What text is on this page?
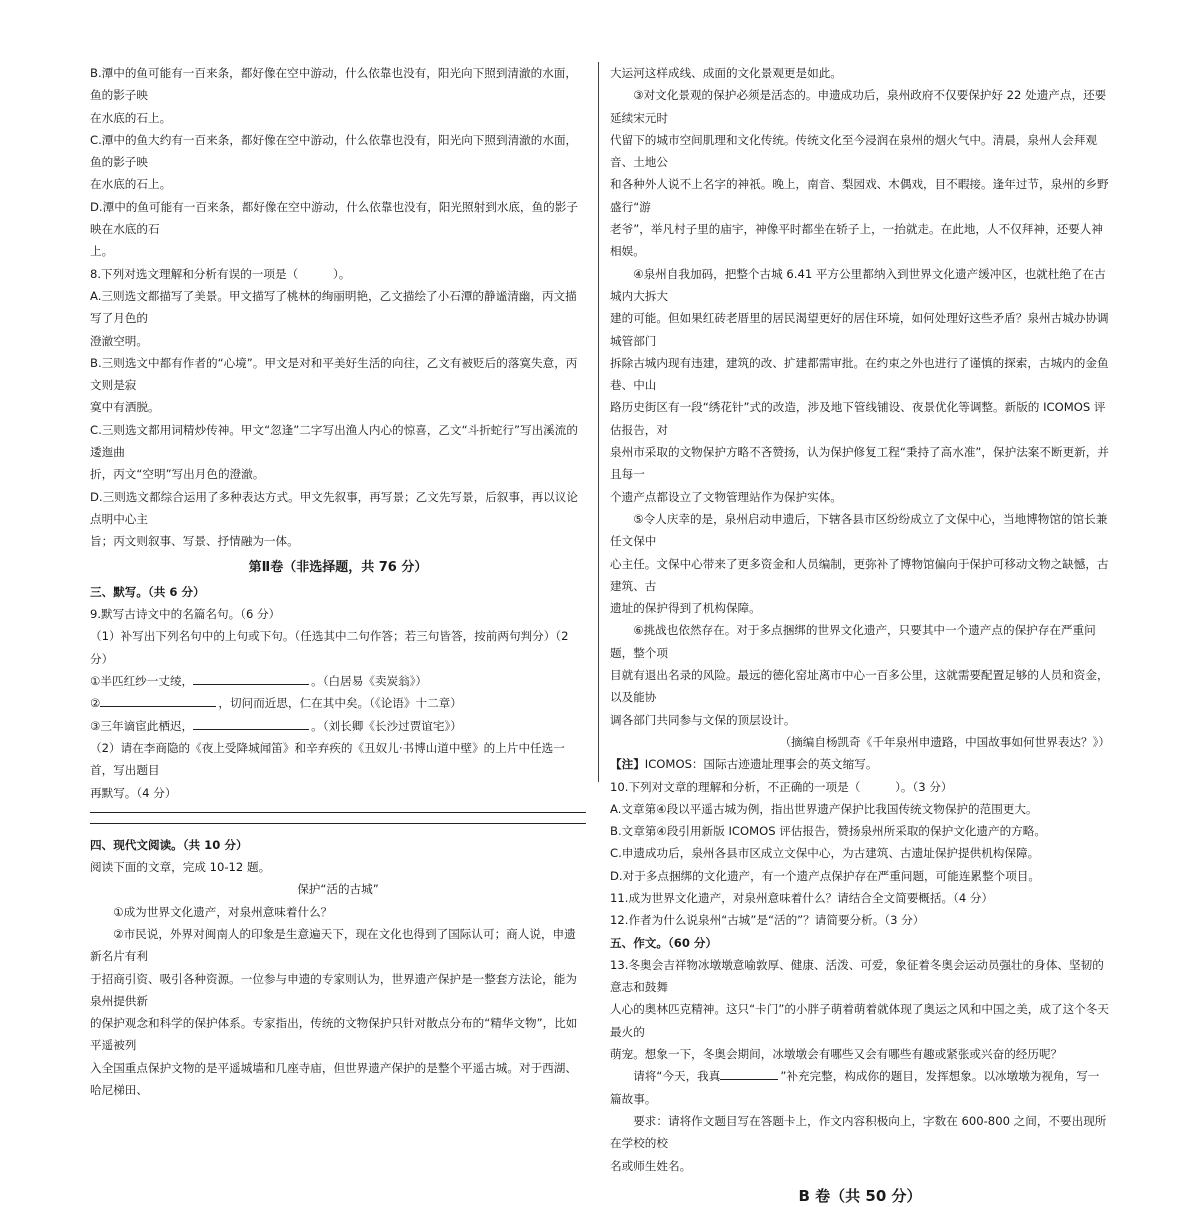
B.潭中的鱼可能有一百来条，都好像在空中游动，什么依靠也没有，阳光向下照到清澈的水面，鱼的影子映

在水底的石上。

C.潭中的鱼大约有一百来条，都好像在空中游动，什么依靠也没有，阳光向下照到清澈的水面，鱼的影子映

在水底的石上。

D.潭中的鱼可能有一百来条，都好像在空中游动，什么依靠也没有，阳光照射到水底，鱼的影子映在水底的石

上。

8.下列对选文理解和分析有误的一项是（　　　）。

A.三则选文都描写了美景。甲文描写了桃林的绚丽明艳，乙文描绘了小石潭的静谧清幽，丙文描写了月色的

澄澈空明。

B.三则选文中都有作者的“心境”。甲文是对和平美好生活的向往，乙文有被贬后的落寞失意，丙文则是寂

寞中有洒脱。

C.三则选文都用词精炒传神。甲文“忽逢”二字写出渔人内心的惊喜，乙文“斗折蛇行”写出溪流的逶迤曲

折，丙文“空明”写出月色的澄澈。

D.三则选文都综合运用了多种表达方式。甲文先叙事，再写景；乙文先写景，后叙事，再以议论点明中心主

旨；丙文则叙事、写景、抒情融为一体。

第Ⅱ卷（非选择题，共 76 分）

三、默写。（共 6 分）

9.默写古诗文中的名篇名句。（6 分）

（1）补写出下列名句中的上句或下句。（任选其中二句作答；若三句皆答，按前两句判分）（2 分）

①半匹红纱一丈绫，	。（白居易《卖炭翁》）

②	，切问而近思，仁在其中矣。（《论语》十二章）

③三年谪宦此栖迟，	。（刘长卿《长沙过贾谊宅》）

（2）请在李商隐的《夜上受降城闻笛》和辛弃疾的《丑奴儿·书博山道中壁》的上片中任选一首，写出题目

再默写。（4 分）

四、现代文阅读。（共 10 分）

阅读下面的文章，完成 10-12 题。

保护“活的古城”

①成为世界文化遗产，对泉州意味着什么？

②市民说，外界对闽南人的印象是生意遍天下，现在文化也得到了国际认可；商人说，申遗新名片有利

于招商引资、吸引各种资源。一位参与申遗的专家则认为，世界遗产保护是一整套方法论，能为泉州提供新

的保护观念和科学的保护体系。专家指出，传统的文物保护只针对散点分布的“精华文物”，比如平遥被列

入全国重点保护文物的是平遥城墙和几座寺庙，但世界遗产保护的是整个平遥古城。对于西湖、哈尼梯田、

大运河这样成线、成面的文化景观更是如此。

③对文化景观的保护必须是活态的。申遗成功后，泉州政府不仅要保护好 22 处遗产点，还要延续宋元时

代留下的城市空间肌理和文化传统。传统文化至今浸润在泉州的烟火气中。清晨，泉州人会拜观音、土地公

和各种外人说不上名字的神祇。晚上，南音、梨园戏、木偶戏，目不暇接。逢年过节，泉州的乡野盛行“游

老爷”，举凡村子里的庙宇，神像平时都坐在轿子上，一抬就走。在此地，人不仅拜神，还要人神相娱。

④泉州自我加码，把整个古城 6.41 平方公里都纳入到世界文化遗产缓冲区，也就杜绝了在古城内大拆大

建的可能。但如果红砖老厝里的居民渴望更好的居住环境，如何处理好这些矛盾？泉州古城办协调城管部门

拆除古城内现有违建，建筑的改、扩建都需审批。在约束之外也进行了谨慎的探索，古城内的金鱼巷、中山

路历史街区有一段“绣花针”式的改造，涉及地下管线铺设、夜景优化等调整。新版的 ICOMOS 评估报告，对

泉州市采取的文物保护方略不吝赞扬，认为保护修复工程“秉持了高水准”，保护法案不断更新，并且每一

个遗产点都设立了文物管理站作为保护实体。

⑤令人庆幸的是，泉州启动申遗后，下辖各县市区纷纷成立了文保中心，当地博物馆的馆长兼任文保中

心主任。文保中心带来了更多资金和人员编制，更弥补了博物馆偏向于保护可移动文物之缺憾，古建筑、古

遗址的保护得到了机构保障。

⑥挑战也依然存在。对于多点捆绑的世界文化遗产，只要其中一个遗产点的保护存在严重问题，整个项

目就有退出名录的风险。最远的德化窑址离市中心一百多公里，这就需要配置足够的人员和资金，以及能协

调各部门共同参与文保的顶层设计。

（摘编自杨凯奇《千年泉州申遗路，中国故事如何世界表达？》）

【注】ICOMOS：国际古迹遗址理事会的英文缩写。

10.下列对文章的理解和分析，不正确的一项是（　　　）。（3 分）

A.文章第④段以平遥古城为例，指出世界遗产保护比我国传统文物保护的范围更大。

B.文章第④段引用新版 ICOMOS 评估报告，赞扬泉州所采取的保护文化遗产的方略。

C.申遗成功后，泉州各县市区成立文保中心，为古建筑、古遗址保护提供机构保障。

D.对于多点捆绑的文化遗产，有一个遗产点保护存在严重问题，可能连累整个项目。

11.成为世界文化遗产，对泉州意味着什么？请结合全文简要概括。（4 分）

12.作者为什么说泉州“古城”是“活的”？请简要分析。（3 分）

五、作文。（60 分）

13.冬奥会吉祥物冰墩墩意喻敦厚、健康、活泼、可爱，象征着冬奥会运动员强壮的身体、坚韧的意志和鼓舞

人心的奥林匹克精神。这只“卡门”的小胖子萌着萌着就体现了奥运之风和中国之美，成了这个冬天最火的

萌宠。想象一下，冬奥会期间，冰墩墩会有哪些又会有哪些有趣或紧张或兴奋的经历呢？

请将“今天，我真	”补充完整，构成你的题目，发挥想象。以冰墩墩为视角，写一篇故事。

要求：请将作文题目写在答题卡上，作文内容积极向上，字数在 600-800 之间，不要出现所在学校的校

名或师生姓名。

B 卷（共 50 分）
